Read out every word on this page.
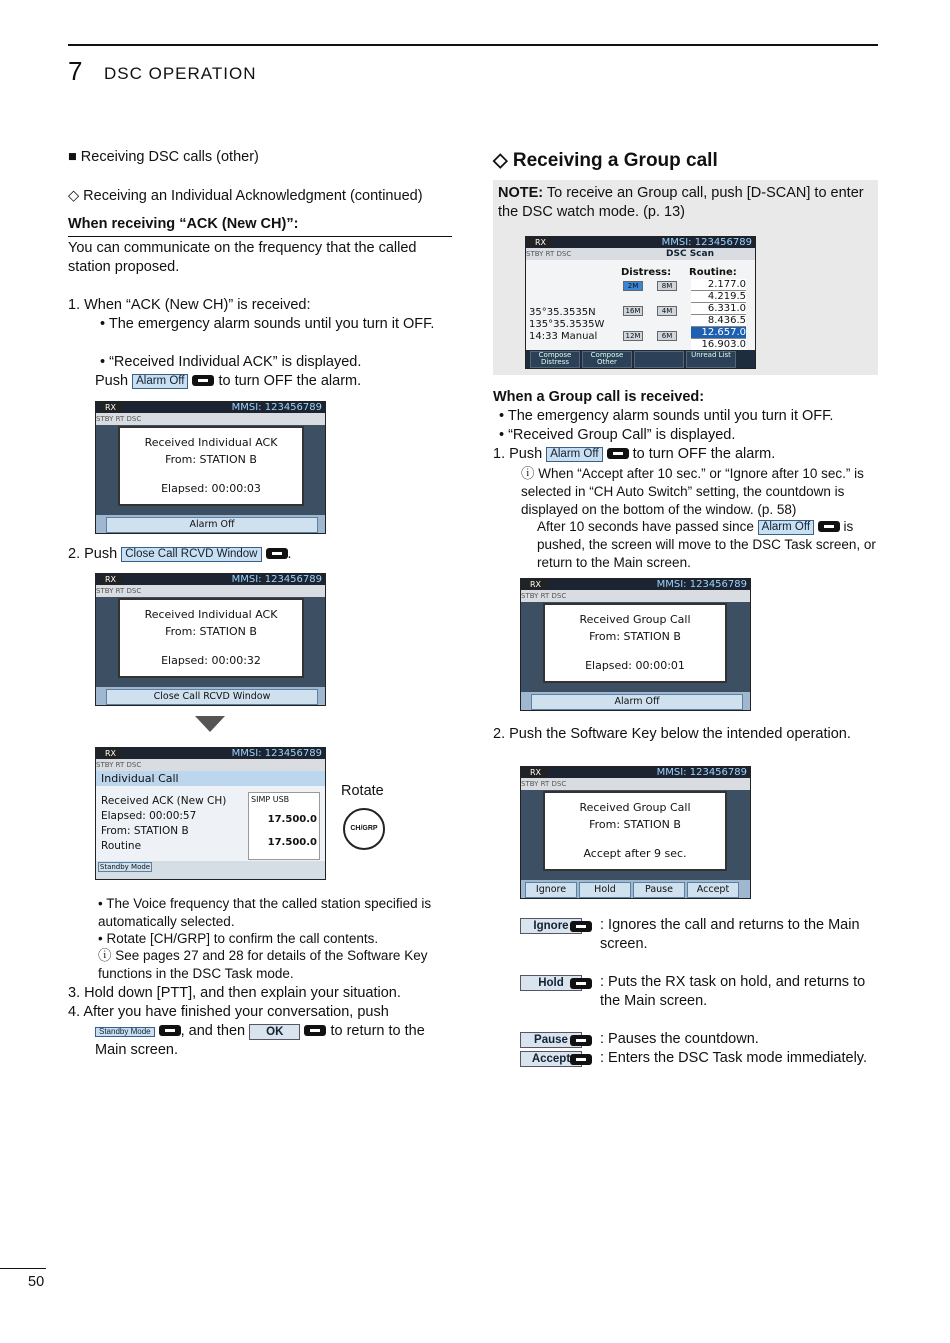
7 DSC OPERATION
■ Receiving DSC calls (other)
◇ Receiving an Individual Acknowledgment (continued)
When receiving “ACK (New CH)”:
You can communicate on the frequency that the called station proposed.
1. When “ACK (New CH)” is received:
• The emergency alarm sounds until you turn it OFF.
• “Received Individual ACK” is displayed.
Push Alarm Off to turn OFF the alarm.
RX	MMSI: 123456789
STBY RT DSC
Received Individual ACK
From: STATION B
Elapsed: 00:00:03
Alarm Off
2. Push Close Call RCVD Window .
RX	MMSI: 123456789
STBY RT DSC
Received Individual ACK
From: STATION B
Elapsed: 00:00:32
Close Call RCVD Window
RX	MMSI: 123456789
STBY RT DSC
Individual Call
Received ACK (New CH)
Elapsed: 00:00:57
From: STATION B
Routine
SIMP USB
17.500.0
17.500.0
Standby Mode
Rotate
CH/GRP
• The Voice frequency that the called station specified is automatically selected.
• Rotate [CH/GRP] to confirm the call contents.
ⓘ See pages 27 and 28 for details of the Software Key functions in the DSC Task mode.
3. Hold down [PTT], and then explain your situation.
4. After you have finished your conversation, push
Standby Mode , and then OK	to return to the Main screen.
◇ Receiving a Group call
NOTE: To receive an Group call, push [D-SCAN] to enter the DSC watch mode. (p. 13)
RX	MMSI: 123456789
STBY RT DSC	DSC Scan
Distress: Routine:
2.177.0
4.219.5
6.331.0
8.436.5
12.657.0
16.903.0
2M
16M
12M
8M
4M
6M
35°35.3535N
135°35.3535W
14:33 Manual
Compose Distress
Compose Other
Unread List
When a Group call is received:
• The emergency alarm sounds until you turn it OFF.
• “Received Group Call” is displayed.
1. Push Alarm Off to turn OFF the alarm.
ⓘ When “Accept after 10 sec.” or “Ignore after 10 sec.” is selected in “CH Auto Switch” setting, the countdown is displayed on the bottom of the window. (p. 58)
After 10 seconds have passed since Alarm Off is pushed, the screen will move to the DSC Task screen, or return to the Main screen.
RX	MMSI: 123456789
STBY RT DSC
Received Group Call
From: STATION B
Elapsed: 00:00:01
Alarm Off
2. Push the Software Key below the intended operation.
RX	MMSI: 123456789
STBY RT DSC
Received Group Call
From: STATION B
Accept after 9 sec.
Ignore	Hold	Pause	Accept
Ignore	: Ignores the call and returns to the Main screen.
Hold	: Puts the RX task on hold, and returns to the Main screen.
Pause	: Pauses the countdown.
Accept	: Enters the DSC Task mode immediately.
50
